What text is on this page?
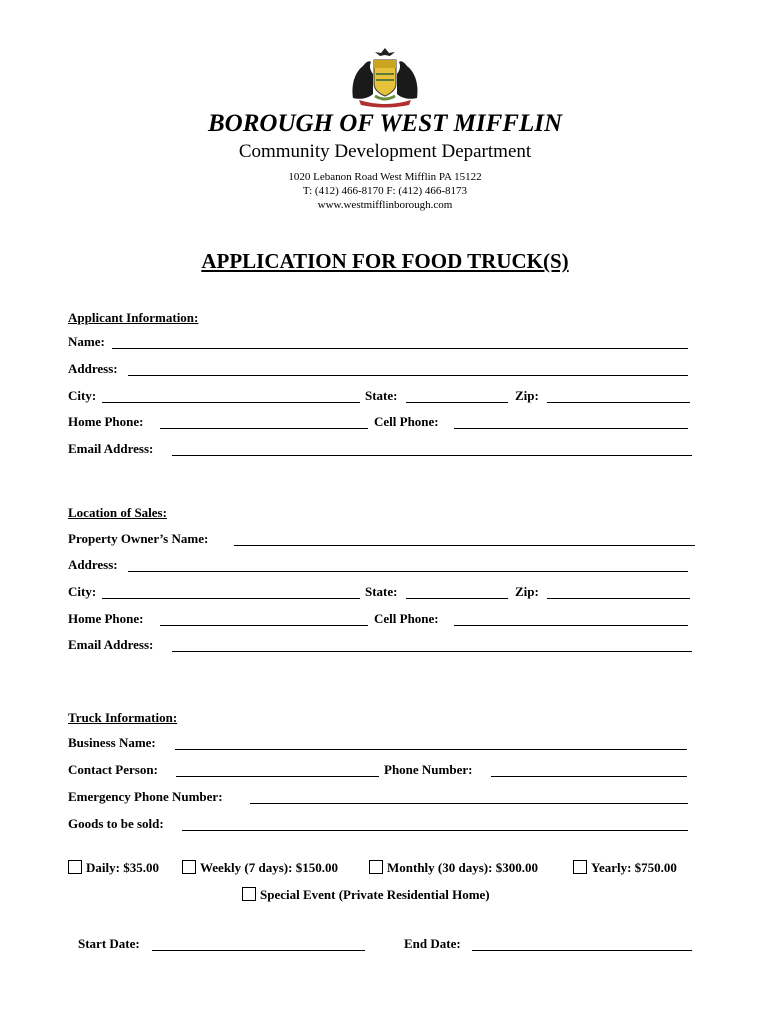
BOROUGH OF WEST MIFFLIN
Community Development Department
1020 Lebanon Road West Mifflin PA 15122
T: (412) 466-8170 F: (412) 466-8173
www.westmifflinborough.com
APPLICATION FOR FOOD TRUCK(S)
Applicant Information:
Name:
Address:
City:	State:	Zip:
Home Phone:	Cell Phone:
Email Address:
Location of Sales:
Property Owner’s Name:
Address:
City:	State:	Zip:
Home Phone:	Cell Phone:
Email Address:
Truck Information:
Business Name:
Contact Person:	Phone Number:
Emergency Phone Number:
Goods to be sold:
Daily: $35.00	Weekly (7 days): $150.00	Monthly (30 days): $300.00	Yearly: $750.00
Special Event (Private Residential Home)
Start Date:	End Date:
